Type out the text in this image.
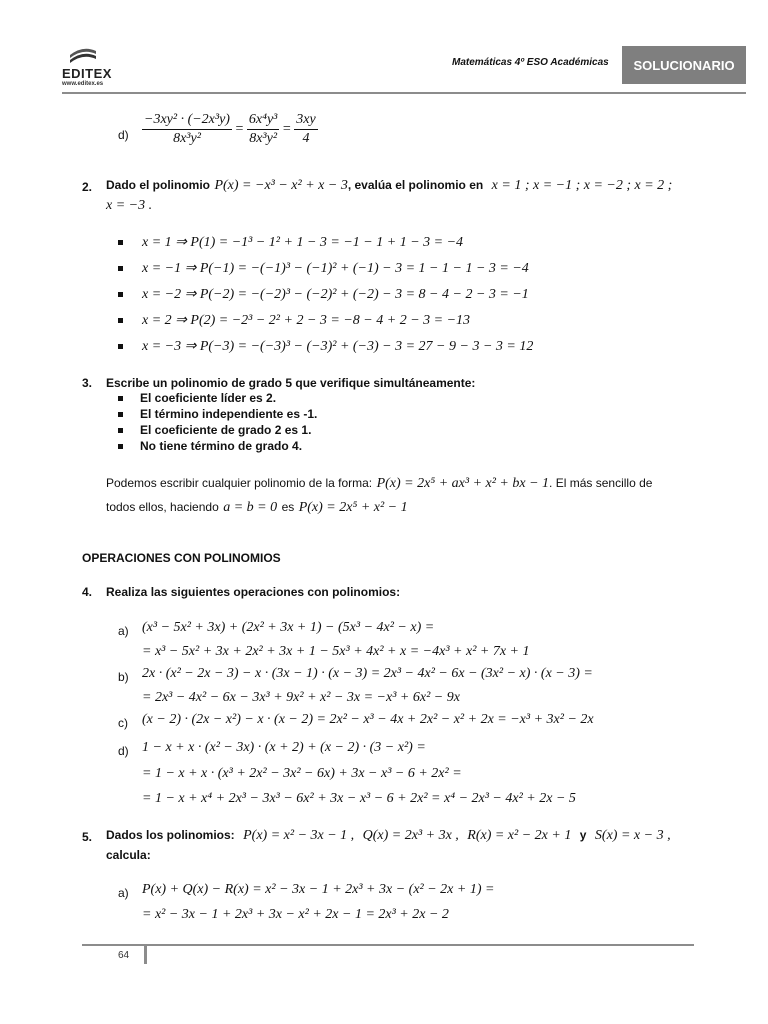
EDITEX
www.editex.es
Matemáticas 4º ESO Académicas	SOLUCIONARIO
$d) \frac{\text{−3xy² · (−2x³y)}}{\text{8x³y²}} = \frac{\text{6x⁴y³}}{\text{8x³y²}} = \frac{3xy}{4}$
2. Dado el polinomio P(x) = −x³ − x² + x − 3, evalúa el polinomio en x = 1 ; x = −1 ; x = −2 ; x = 2 ;
x = −3 .
x = 1 ⇒ P(1) = −1³ − 1² + 1 − 3 = −1 − 1 + 1 − 3 = −4
x = −1 ⇒ P(−1) = −(−1)³ − (−1)² + (−1) − 3 = 1 − 1 − 1 − 3 = −4
x = −2 ⇒ P(−2) = −(−2)³ − (−2)² + (−2) − 3 = 8 − 4 − 2 − 3 = −1
x = 2 ⇒ P(2) = −2³ − 2² + 2 − 3 = −8 − 4 + 2 − 3 = −13
x = −3 ⇒ P(−3) = −(−3)³ − (−3)² + (−3) − 3 = 27 − 9 − 3 − 3 = 12
3. Escribe un polinomio de grado 5 que verifique simultáneamente:
El coeficiente líder es 2.
El término independiente es -1.
El coeficiente de grado 2 es 1.
No tiene término de grado 4.
Podemos escribir cualquier polinomio de la forma: P(x) = 2x⁵ + ax³ + x² + bx − 1. El más sencillo de
todos ellos, haciendo a = b = 0 es P(x) = 2x⁵ + x² − 1
OPERACIONES CON POLINOMIOS
4. Realiza las siguientes operaciones con polinomios:
a) (x³ − 5x² + 3x) + (2x² + 3x + 1) − (5x³ − 4x² − x) =
= x³ − 5x² + 3x + 2x² + 3x + 1 − 5x³ + 4x² + x = −4x³ + x² + 7x + 1
b) 2x · (x² − 2x − 3) − x · (3x − 1) · (x − 3) = 2x³ − 4x² − 6x − (3x² − x) · (x − 3) =
= 2x³ − 4x² − 6x − 3x³ + 9x² + x² − 3x = −x³ + 6x² − 9x
c) (x − 2) · (2x − x²) − x · (x − 2) = 2x² − x³ − 4x + 2x² − x² + 2x = −x³ + 3x² − 2x
d) 1 − x + x · (x² − 3x) · (x + 2) + (x − 2) · (3 − x²) =
= 1 − x + x · (x³ + 2x² − 3x² − 6x) + 3x − x³ − 6 + 2x² =
= 1 − x + x⁴ + 2x³ − 3x³ − 6x² + 3x − x³ − 6 + 2x² = x⁴ − 2x³ − 4x² + 2x − 5
5. Dados los polinomios: P(x) = x² − 3x − 1 , Q(x) = 2x³ + 3x , R(x) = x² − 2x + 1 y S(x) = x − 3 ,
calcula:
a) P(x) + Q(x) − R(x) = x² − 3x − 1 + 2x³ + 3x − (x² − 2x + 1) =
= x² − 3x − 1 + 2x³ + 3x − x² + 2x − 1 = 2x³ + 2x − 2
64
